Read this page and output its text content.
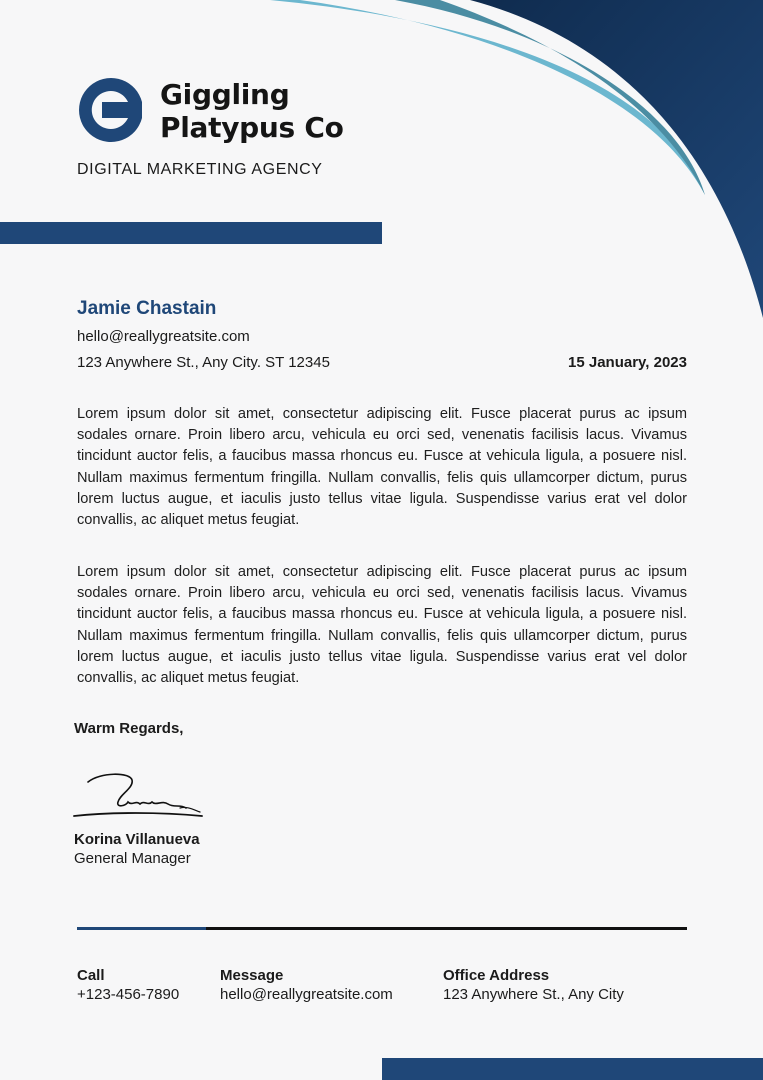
Giggling
Platypus Co
DIGITAL MARKETING AGENCY
Jamie Chastain
hello@reallygreatsite.com
123 Anywhere St., Any City. ST 12345	15 January, 2023

Lorem ipsum dolor sit amet, consectetur adipiscing elit. Fusce placerat purus ac ipsum sodales ornare. Proin libero arcu, vehicula eu orci sed, venenatis facilisis lacus. Vivamus tincidunt auctor felis, a faucibus massa rhoncus eu. Fusce at vehicula ligula, a posuere nisl. Nullam maximus fermentum fringilla. Nullam convallis, felis quis ullamcorper dictum, purus lorem luctus augue, et iaculis justo tellus vitae ligula. Suspendisse varius erat vel dolor convallis, ac aliquet metus feugiat.

Lorem ipsum dolor sit amet, consectetur adipiscing elit. Fusce placerat purus ac ipsum sodales ornare. Proin libero arcu, vehicula eu orci sed, venenatis facilisis lacus. Vivamus tincidunt auctor felis, a faucibus massa rhoncus eu. Fusce at vehicula ligula, a posuere nisl. Nullam maximus fermentum fringilla. Nullam convallis, felis quis ullamcorper dictum, purus lorem luctus augue, et iaculis justo tellus vitae ligula. Suspendisse varius erat vel dolor convallis, ac aliquet metus feugiat.

Warm Regards,
Korina Villanueva
General Manager
Call
+123-456-7890
Message
hello@reallygreatsite.com
Office Address
123 Anywhere St., Any City
